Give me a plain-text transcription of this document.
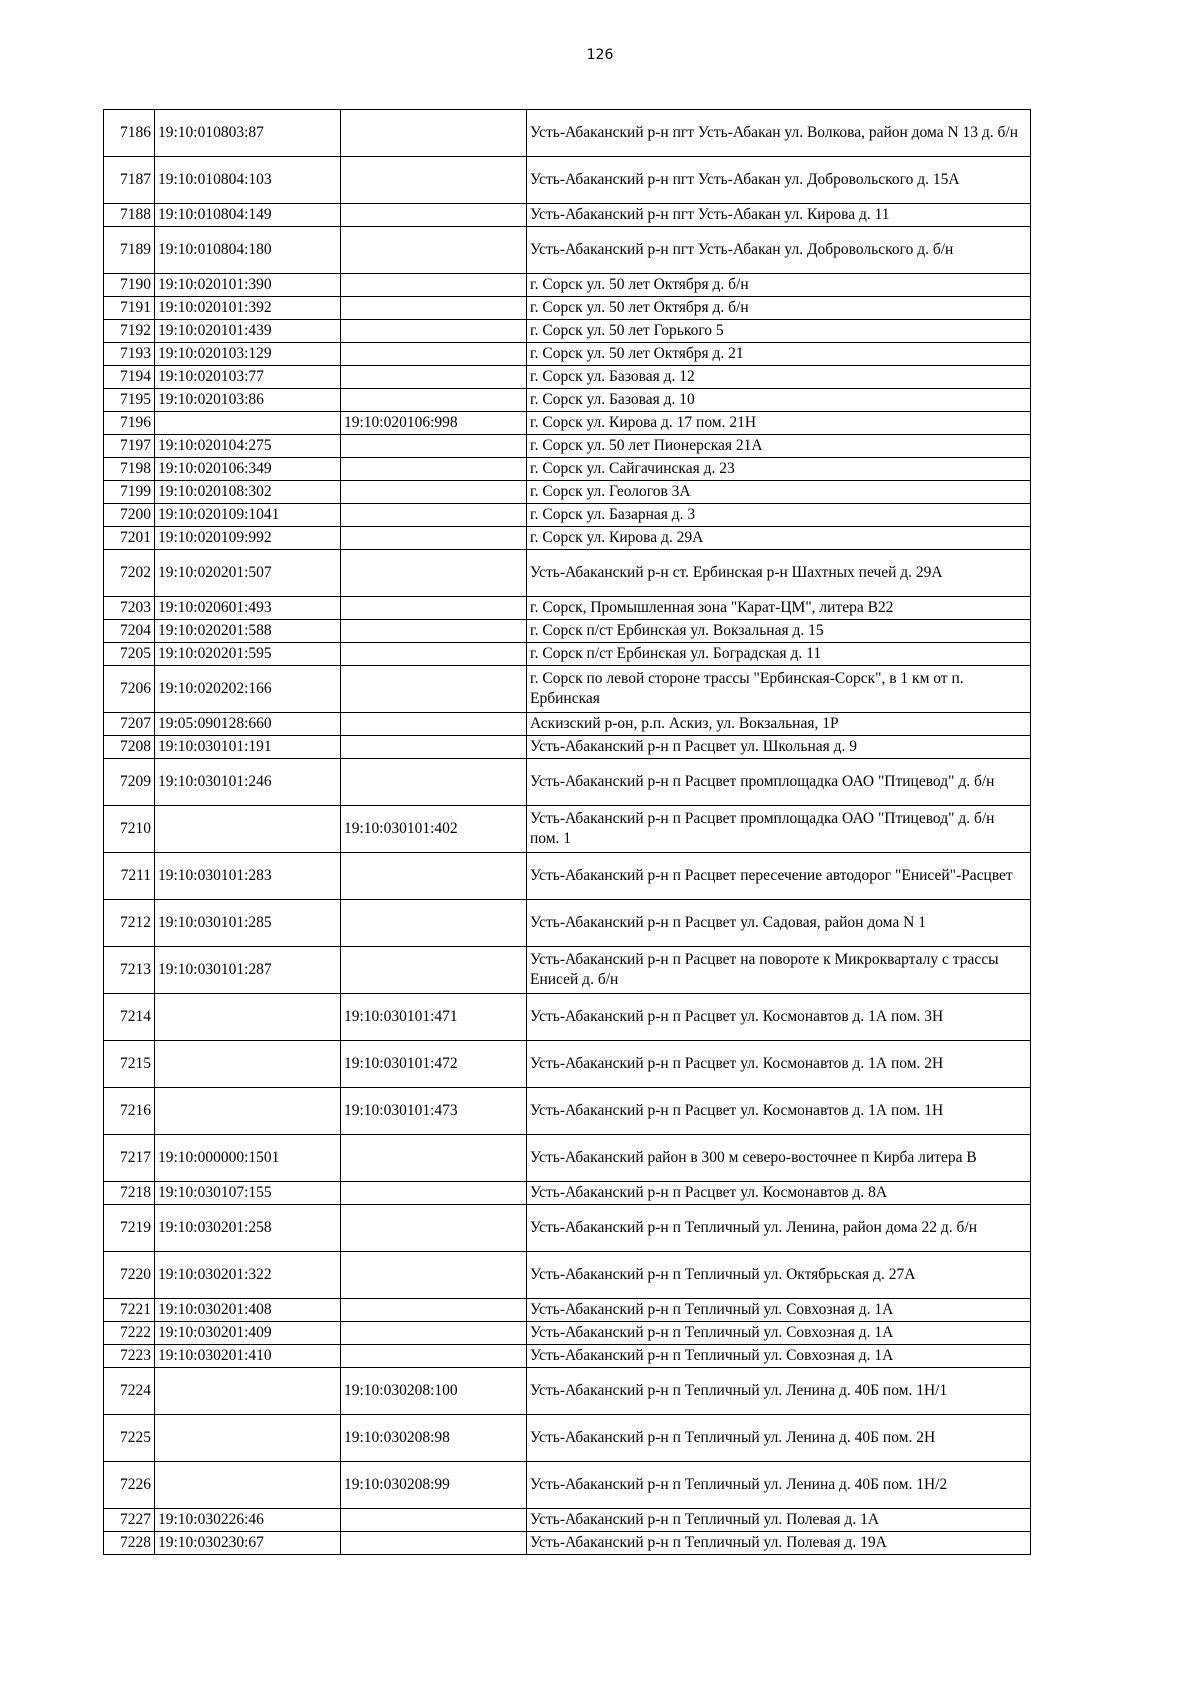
126
7186	19:10:010803:87		Усть-Абаканский р-н пгт Усть-Абакан ул. Волкова, район дома N 13 д. б/н
7187	19:10:010804:103		Усть-Абаканский р-н пгт Усть-Абакан ул. Добровольского д. 15А
7188	19:10:010804:149		Усть-Абаканский р-н пгт Усть-Абакан ул. Кирова д. 11
7189	19:10:010804:180		Усть-Абаканский р-н пгт Усть-Абакан ул. Добровольского д. б/н
7190	19:10:020101:390		г. Сорск ул. 50 лет Октября д. б/н
7191	19:10:020101:392		г. Сорск ул. 50 лет Октября д. б/н
7192	19:10:020101:439		г. Сорск ул. 50 лет Горького 5
7193	19:10:020103:129		г. Сорск ул. 50 лет Октября д. 21
7194	19:10:020103:77		г. Сорск ул. Базовая д. 12
7195	19:10:020103:86		г. Сорск ул. Базовая д. 10
7196		19:10:020106:998	г. Сорск ул. Кирова д. 17 пом. 21Н
7197	19:10:020104:275		г. Сорск ул. 50 лет Пионерская 21А
7198	19:10:020106:349		г. Сорск ул. Сайгачинская д. 23
7199	19:10:020108:302		г. Сорск ул. Геологов 3А
7200	19:10:020109:1041		г. Сорск ул. Базарная д. 3
7201	19:10:020109:992		г. Сорск ул. Кирова д. 29А
7202	19:10:020201:507		Усть-Абаканский р-н ст. Ербинская р-н Шахтных печей д. 29А
7203	19:10:020601:493		г. Сорск, Промышленная зона "Карат-ЦМ", литера В22
7204	19:10:020201:588		г. Сорск п/ст Ербинская ул. Вокзальная д. 15
7205	19:10:020201:595		г. Сорск п/ст Ербинская ул. Боградская д. 11
7206	19:10:020202:166		г. Сорск по левой стороне трассы "Ербинская-Сорск", в 1 км от п. Ербинская
7207	19:05:090128:660		Аскизский р-он, р.п. Аскиз, ул. Вокзальная, 1Р
7208	19:10:030101:191		Усть-Абаканский р-н п Расцвет ул. Школьная д. 9
7209	19:10:030101:246		Усть-Абаканский р-н п Расцвет промплощадка ОАО "Птицевод" д. б/н
7210		19:10:030101:402	Усть-Абаканский р-н п Расцвет промплощадка ОАО "Птицевод" д. б/н пом. 1
7211	19:10:030101:283		Усть-Абаканский р-н п Расцвет пересечение автодорог "Енисей"-Расцвет
7212	19:10:030101:285		Усть-Абаканский р-н п Расцвет ул. Садовая, район дома N 1
7213	19:10:030101:287		Усть-Абаканский р-н п Расцвет на повороте к Микрокварталу с трассы Енисей д. б/н
7214		19:10:030101:471	Усть-Абаканский р-н п Расцвет ул. Космонавтов д. 1А пом. 3Н
7215		19:10:030101:472	Усть-Абаканский р-н п Расцвет ул. Космонавтов д. 1А пом. 2Н
7216		19:10:030101:473	Усть-Абаканский р-н п Расцвет ул. Космонавтов д. 1А пом. 1Н
7217	19:10:000000:1501		Усть-Абаканский район в 300 м северо-восточнее п Кирба литера В
7218	19:10:030107:155		Усть-Абаканский р-н п Расцвет ул. Космонавтов д. 8А
7219	19:10:030201:258		Усть-Абаканский р-н п Тепличный ул. Ленина, район дома 22 д. б/н
7220	19:10:030201:322		Усть-Абаканский р-н п Тепличный ул. Октябрьская д. 27А
7221	19:10:030201:408		Усть-Абаканский р-н п Тепличный ул. Совхозная д. 1А
7222	19:10:030201:409		Усть-Абаканский р-н п Тепличный ул. Совхозная д. 1А
7223	19:10:030201:410		Усть-Абаканский р-н п Тепличный ул. Совхозная д. 1А
7224		19:10:030208:100	Усть-Абаканский р-н п Тепличный ул. Ленина д. 40Б пом. 1Н/1
7225		19:10:030208:98	Усть-Абаканский р-н п Тепличный ул. Ленина д. 40Б пом. 2Н
7226		19:10:030208:99	Усть-Абаканский р-н п Тепличный ул. Ленина д. 40Б пом. 1Н/2
7227	19:10:030226:46		Усть-Абаканский р-н п Тепличный ул. Полевая д. 1А
7228	19:10:030230:67		Усть-Абаканский р-н п Тепличный ул. Полевая д. 19А
